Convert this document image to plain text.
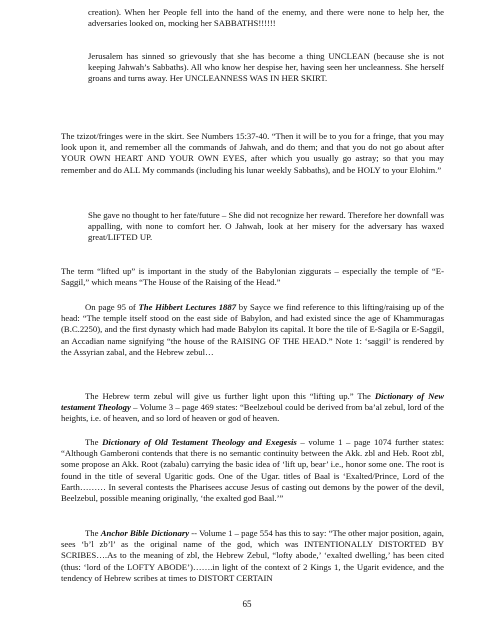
creation). When her People fell into the hand of the enemy, and there were none to help her, the adversaries looked on, mocking her SABBATHS!!!!!!

Jerusalem has sinned so grievously that she has become a thing UNCLEAN (because she is not keeping Jahwah’s Sabbaths). All who know her despise her, having seen her uncleanness. She herself groans and turns away. Her UNCLEANNESS WAS IN HER SKIRT.

The tzizot/fringes were in the skirt. See Numbers 15:37-40. “Then it will be to you for a fringe, that you may look upon it, and remember all the commands of Jahwah, and do them; and that you do not go about after YOUR OWN HEART AND YOUR OWN EYES, after which you usually go astray; so that you may remember and do ALL My commands (including his lunar weekly Sabbaths), and be HOLY to your Elohim.”

She gave no thought to her fate/future – She did not recognize her reward. Therefore her downfall was appalling, with none to comfort her. O Jahwah, look at her misery for the adversary has waxed great/LIFTED UP.

The term “lifted up” is important in the study of the Babylonian ziggurats – especially the temple of “E-Saggil,” which means “The House of the Raising of the Head.”

On page 95 of The Hibbert Lectures 1887 by Sayce we find reference to this lifting/raising up of the head: “The temple itself stood on the east side of Babylon, and had existed since the age of Khammuragas (B.C.2250), and the first dynasty which had made Babylon its capital. It bore the tile of E-Sagila or E-Saggil, an Accadian name signifying “the house of the RAISING OF THE HEAD.” Note 1: ‘saggil’ is rendered by the Assyrian zabal, and the Hebrew zebul…

The Hebrew term zebul will give us further light upon this “lifting up.” The Dictionary of New testament Theology – Volume 3 – page 469 states: “Beelzeboul could be derived from ba’al zebul, lord of the heights, i.e. of heaven, and so lord of heaven or god of heaven.

The Dictionary of Old Testament Theology and Exegesis – volume 1 – page 1074 further states: “Although Gamberoni contends that there is no semantic continuity between the Akk. zbl and Heb. Root zbl, some propose an Akk. Root (zabalu) carrying the basic idea of ‘lift up, bear’ i.e., honor some one. The root is found in the title of several Ugaritic gods. One of the Ugar. titles of Baal is ‘Exalted/Prince, Lord of the Earth……… In several contests the Pharisees accuse Jesus of casting out demons by the power of the devil, Beelzebul, possible meaning originally, ‘the exalted god Baal.’”

The Anchor Bible Dictionary -- Volume 1 – page 554 has this to say: “The other major position, again, sees ‘b’l zb’l’ as the original name of the god, which was INTENTIONALLY DISTORTED BY SCRIBES….As to the meaning of zbl, the Hebrew Zebul, “lofty abode,’ ‘exalted dwelling,’ has been cited (thus: ‘lord of the LOFTY ABODE’)…….in light of the context of 2 Kings 1, the Ugarit evidence, and the tendency of Hebrew scribes at times to DISTORT CERTAIN

65
